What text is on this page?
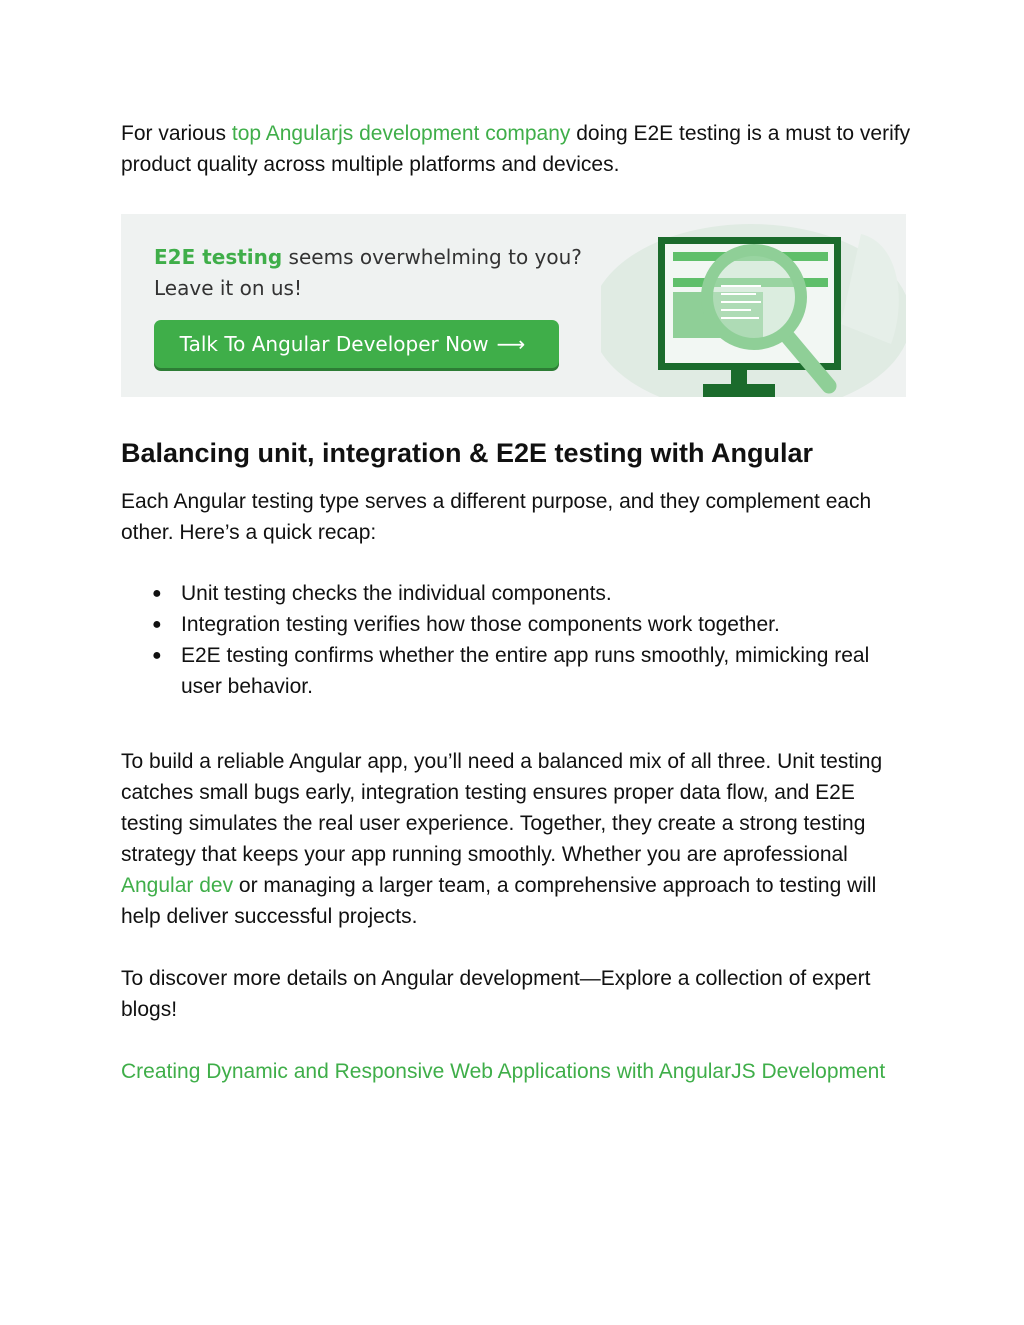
For various top Angularjs development company doing E2E testing is a must to verify product quality across multiple platforms and devices.

E2E testing seems overwhelming to you?
Leave it on us!
Talk To Angular Developer Now ⟶
Balancing unit, integration & E2E testing with Angular

Each Angular testing type serves a different purpose, and they complement each other. Here’s a quick recap:

● Unit testing checks the individual components.
● Integration testing verifies how those components work together.
● E2E testing confirms whether the entire app runs smoothly, mimicking real user behavior.

To build a reliable Angular app, you’ll need a balanced mix of all three. Unit testing catches small bugs early, integration testing ensures proper data flow, and E2E testing simulates the real user experience. Together, they create a strong testing strategy that keeps your app running smoothly. Whether you are aprofessional Angular dev or managing a larger team, a comprehensive approach to testing will help deliver successful projects.

To discover more details on Angular development—Explore a collection of expert blogs!

Creating Dynamic and Responsive Web Applications with AngularJS Development
